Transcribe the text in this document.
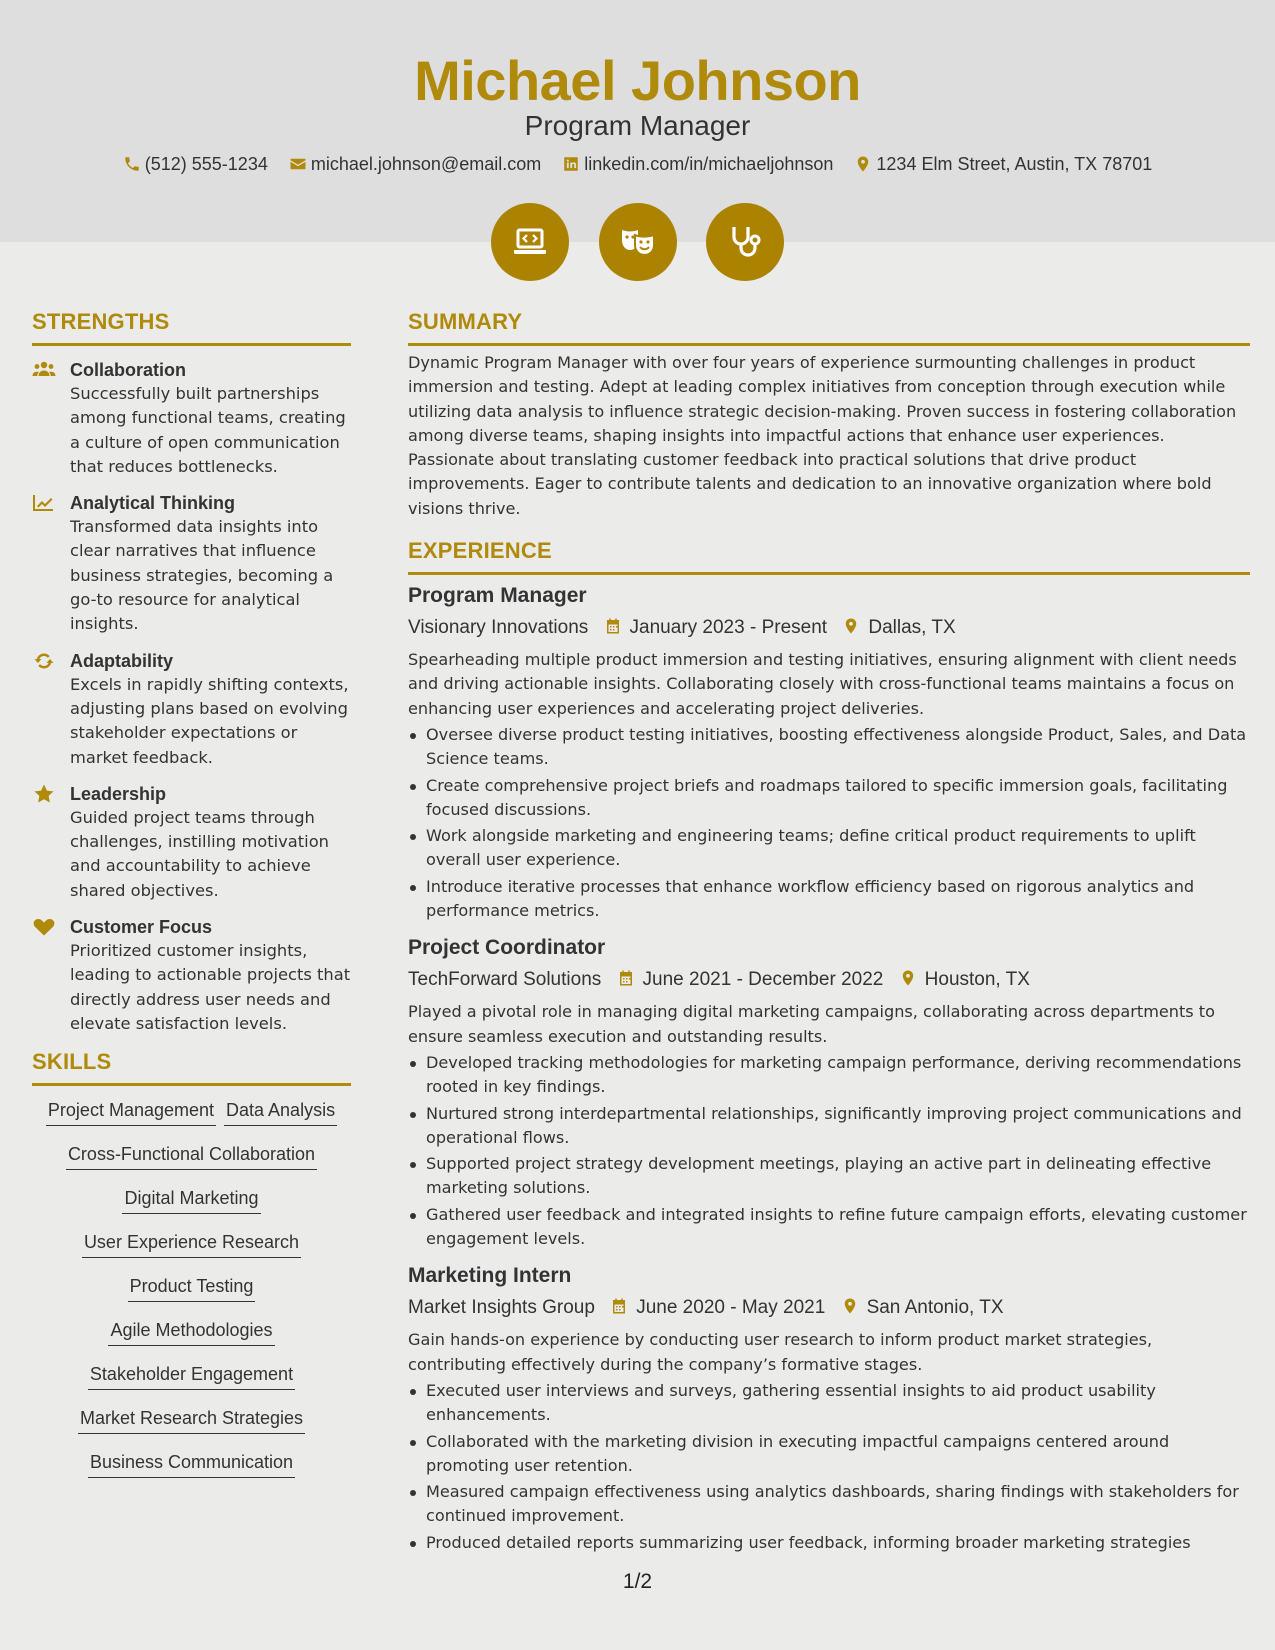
Michael Johnson
Program Manager
(512) 555-1234 michael.johnson@email.com linkedin.com/in/michaeljohnson 1234 Elm Street, Austin, TX 78701

STRENGTHS
Collaboration
Successfully built partnerships among functional teams, creating a culture of open communication that reduces bottlenecks.
Analytical Thinking
Transformed data insights into clear narratives that influence business strategies, becoming a go-to resource for analytical insights.
Adaptability
Excels in rapidly shifting contexts, adjusting plans based on evolving stakeholder expectations or market feedback.
Leadership
Guided project teams through challenges, instilling motivation and accountability to achieve shared objectives.
Customer Focus
Prioritized customer insights, leading to actionable projects that directly address user needs and elevate satisfaction levels.
SKILLS
Project Management Data Analysis
Cross-Functional Collaboration
Digital Marketing
User Experience Research
Product Testing
Agile Methodologies
Stakeholder Engagement
Market Research Strategies
Business Communication
SUMMARY
Dynamic Program Manager with over four years of experience surmounting challenges in product immersion and testing. Adept at leading complex initiatives from conception through execution while utilizing data analysis to influence strategic decision-making. Proven success in fostering collaboration among diverse teams, shaping insights into impactful actions that enhance user experiences. Passionate about translating customer feedback into practical solutions that drive product improvements. Eager to contribute talents and dedication to an innovative organization where bold visions thrive.
EXPERIENCE
Program Manager
Visionary Innovations January 2023 - Present Dallas, TX
Spearheading multiple product immersion and testing initiatives, ensuring alignment with client needs and driving actionable insights. Collaborating closely with cross-functional teams maintains a focus on enhancing user experiences and accelerating project deliveries.
Oversee diverse product testing initiatives, boosting effectiveness alongside Product, Sales, and Data Science teams.
Create comprehensive project briefs and roadmaps tailored to specific immersion goals, facilitating focused discussions.
Work alongside marketing and engineering teams; define critical product requirements to uplift overall user experience.
Introduce iterative processes that enhance workflow efficiency based on rigorous analytics and performance metrics.
Project Coordinator
TechForward Solutions June 2021 - December 2022 Houston, TX
Played a pivotal role in managing digital marketing campaigns, collaborating across departments to ensure seamless execution and outstanding results.
Developed tracking methodologies for marketing campaign performance, deriving recommendations rooted in key findings.
Nurtured strong interdepartmental relationships, significantly improving project communications and operational flows.
Supported project strategy development meetings, playing an active part in delineating effective marketing solutions.
Gathered user feedback and integrated insights to refine future campaign efforts, elevating customer engagement levels.
Marketing Intern
Market Insights Group June 2020 - May 2021 San Antonio, TX
Gain hands-on experience by conducting user research to inform product market strategies, contributing effectively during the company’s formative stages.
Executed user interviews and surveys, gathering essential insights to aid product usability enhancements.
Collaborated with the marketing division in executing impactful campaigns centered around promoting user retention.
Measured campaign effectiveness using analytics dashboards, sharing findings with stakeholders for continued improvement.
Produced detailed reports summarizing user feedback, informing broader marketing strategies
1/2
